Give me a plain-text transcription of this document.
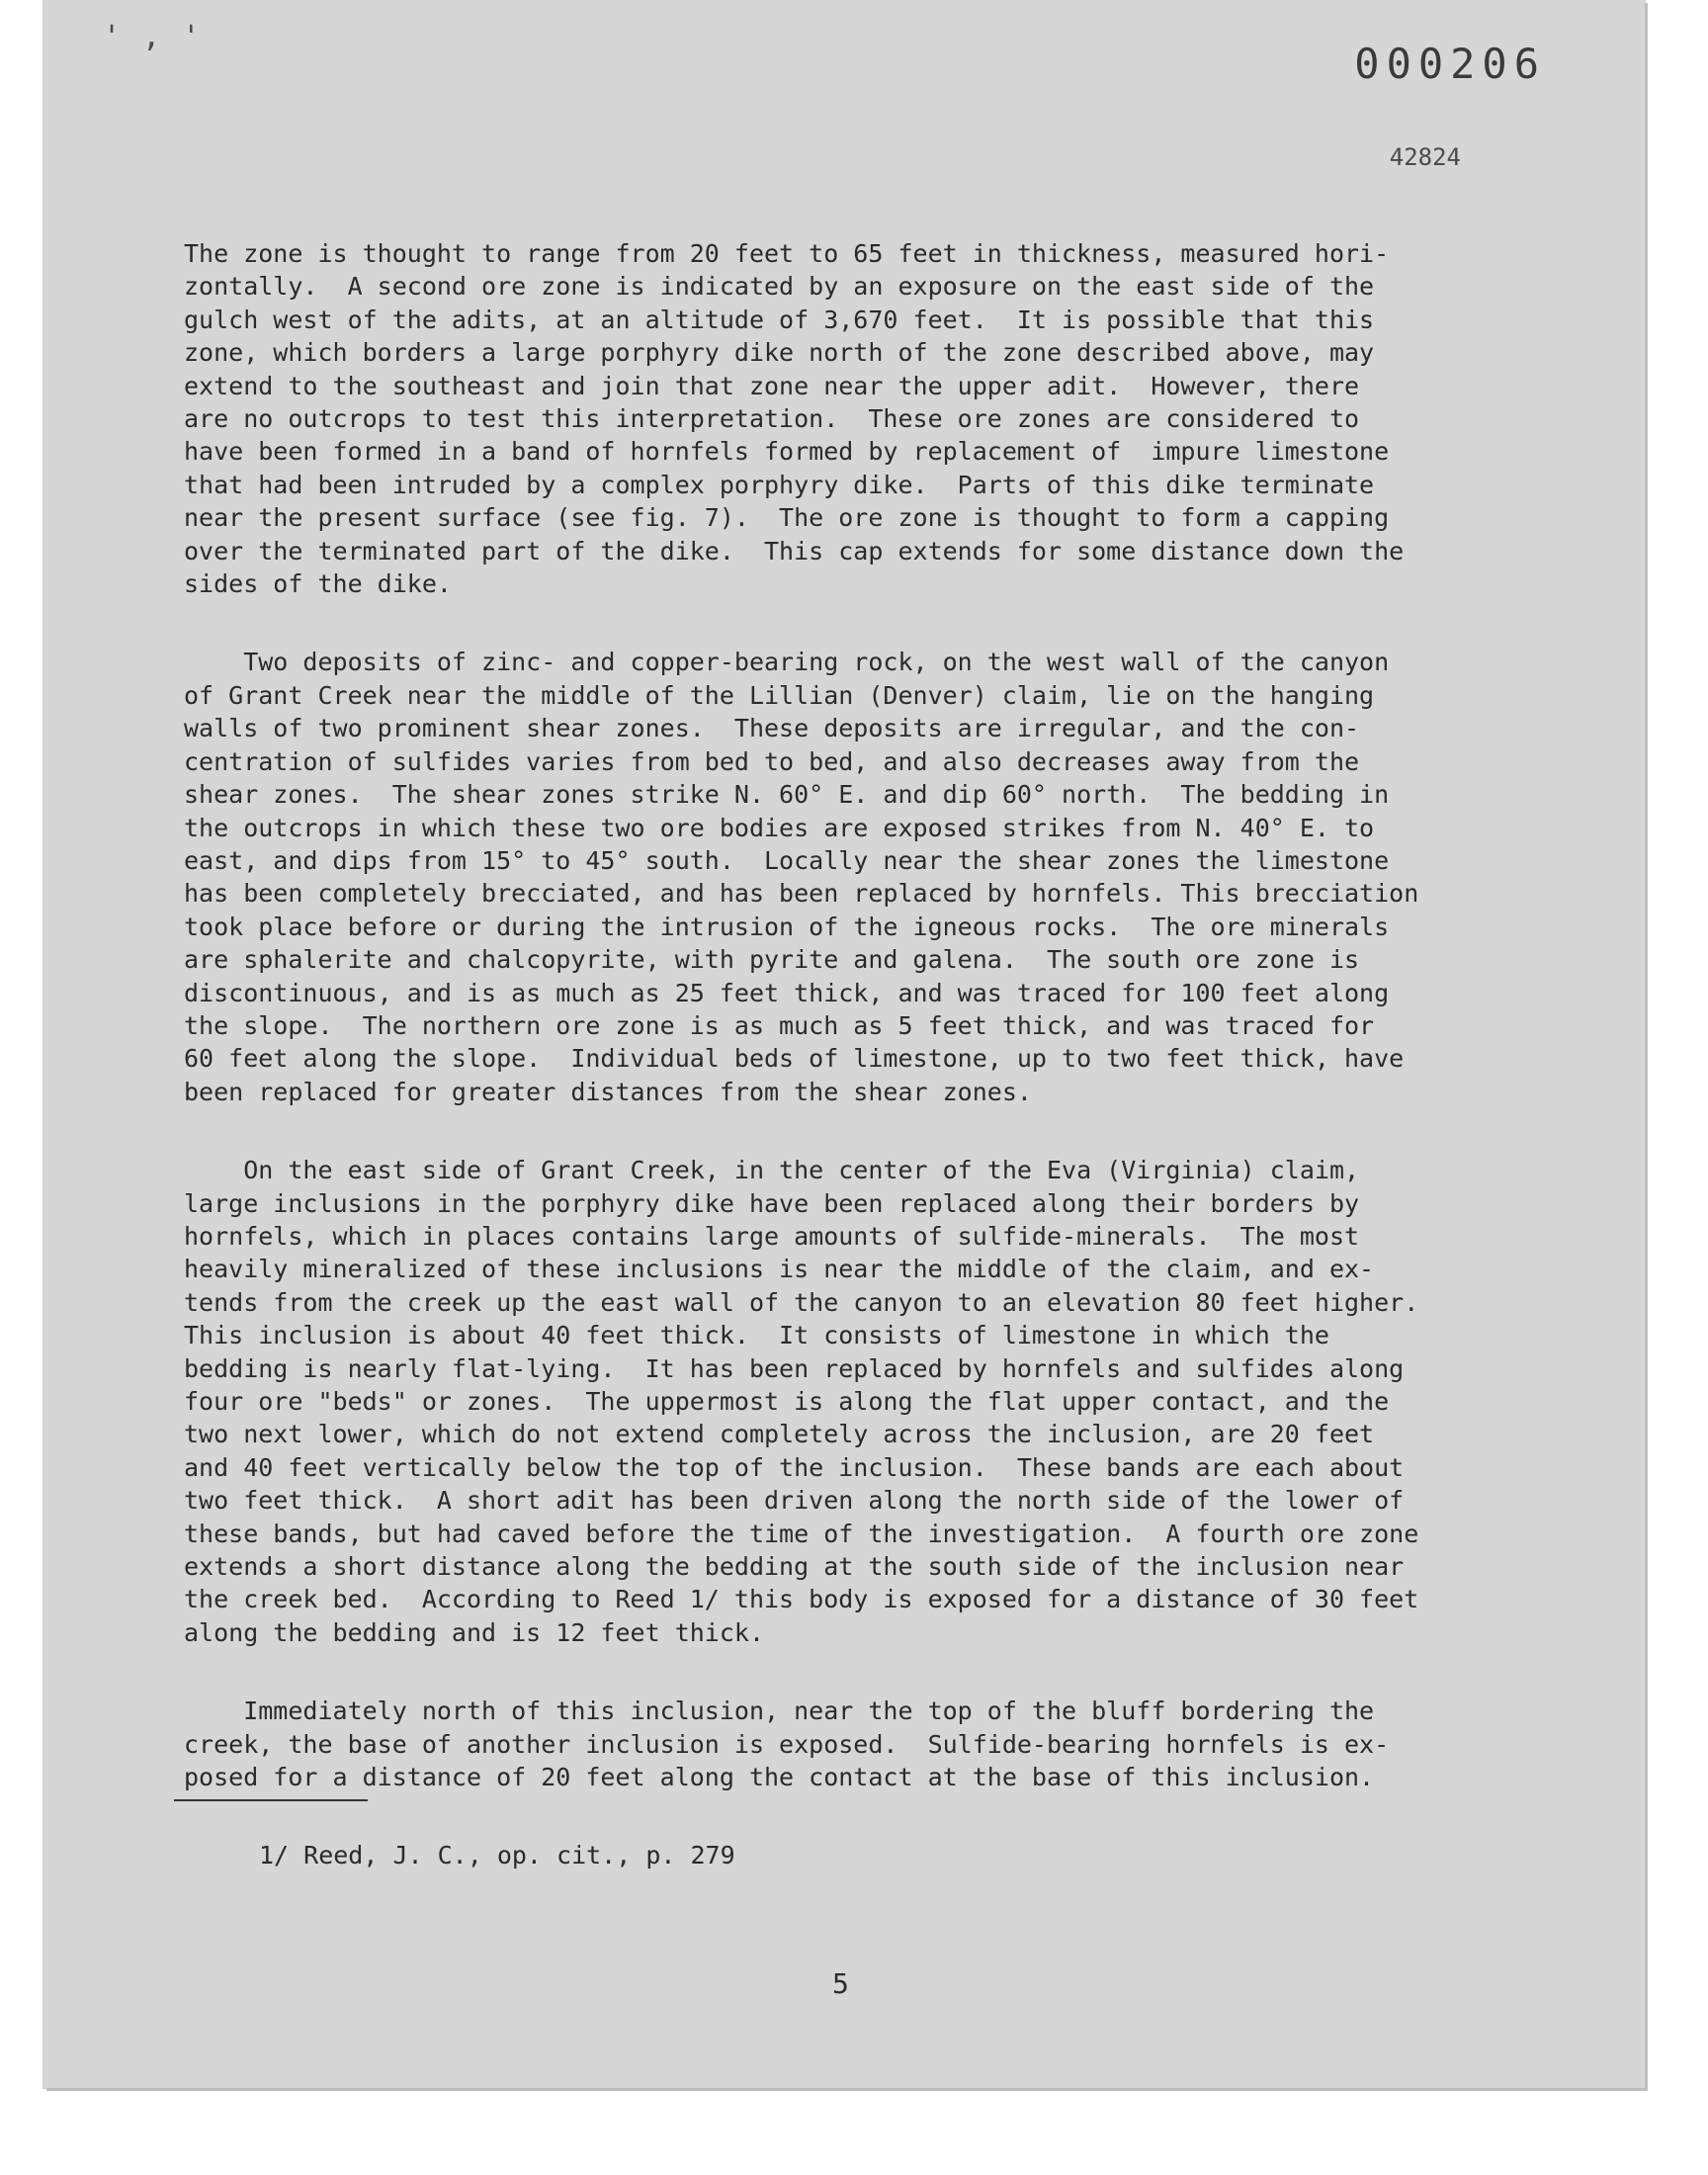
' , '
000206
42824
The zone is thought to range from 20 feet to 65 feet in thickness, measured hori-
zontally.  A second ore zone is indicated by an exposure on the east side of the
gulch west of the adits, at an altitude of 3,670 feet.  It is possible that this
zone, which borders a large porphyry dike north of the zone described above, may
extend to the southeast and join that zone near the upper adit.  However, there
are no outcrops to test this interpretation.  These ore zones are considered to
have been formed in a band of hornfels formed by replacement of  impure limestone
that had been intruded by a complex porphyry dike.  Parts of this dike terminate
near the present surface (see fig. 7).  The ore zone is thought to form a capping
over the terminated part of the dike.  This cap extends for some distance down the
sides of the dike.
Two deposits of zinc- and copper-bearing rock, on the west wall of the canyon
of Grant Creek near the middle of the Lillian (Denver) claim, lie on the hanging
walls of two prominent shear zones.  These deposits are irregular, and the con-
centration of sulfides varies from bed to bed, and also decreases away from the
shear zones.  The shear zones strike N. 60° E. and dip 60° north.  The bedding in
the outcrops in which these two ore bodies are exposed strikes from N. 40° E. to
east, and dips from 15° to 45° south.  Locally near the shear zones the limestone
has been completely brecciated, and has been replaced by hornfels. This brecciation
took place before or during the intrusion of the igneous rocks.  The ore minerals
are sphalerite and chalcopyrite, with pyrite and galena.  The south ore zone is
discontinuous, and is as much as 25 feet thick, and was traced for 100 feet along
the slope.  The northern ore zone is as much as 5 feet thick, and was traced for
60 feet along the slope.  Individual beds of limestone, up to two feet thick, have
been replaced for greater distances from the shear zones.
On the east side of Grant Creek, in the center of the Eva (Virginia) claim,
large inclusions in the porphyry dike have been replaced along their borders by
hornfels, which in places contains large amounts of sulfide-minerals.  The most
heavily mineralized of these inclusions is near the middle of the claim, and ex-
tends from the creek up the east wall of the canyon to an elevation 80 feet higher.
This inclusion is about 40 feet thick.  It consists of limestone in which the
bedding is nearly flat-lying.  It has been replaced by hornfels and sulfides along
four ore "beds" or zones.  The uppermost is along the flat upper contact, and the
two next lower, which do not extend completely across the inclusion, are 20 feet
and 40 feet vertically below the top of the inclusion.  These bands are each about
two feet thick.  A short adit has been driven along the north side of the lower of
these bands, but had caved before the time of the investigation.  A fourth ore zone
extends a short distance along the bedding at the south side of the inclusion near
the creek bed.  According to Reed 1/ this body is exposed for a distance of 30 feet
along the bedding and is 12 feet thick.
Immediately north of this inclusion, near the top of the bluff bordering the
creek, the base of another inclusion is exposed.  Sulfide-bearing hornfels is ex-
posed for a distance of 20 feet along the contact at the base of this inclusion.
1/ Reed, J. C., op. cit., p. 279
5
